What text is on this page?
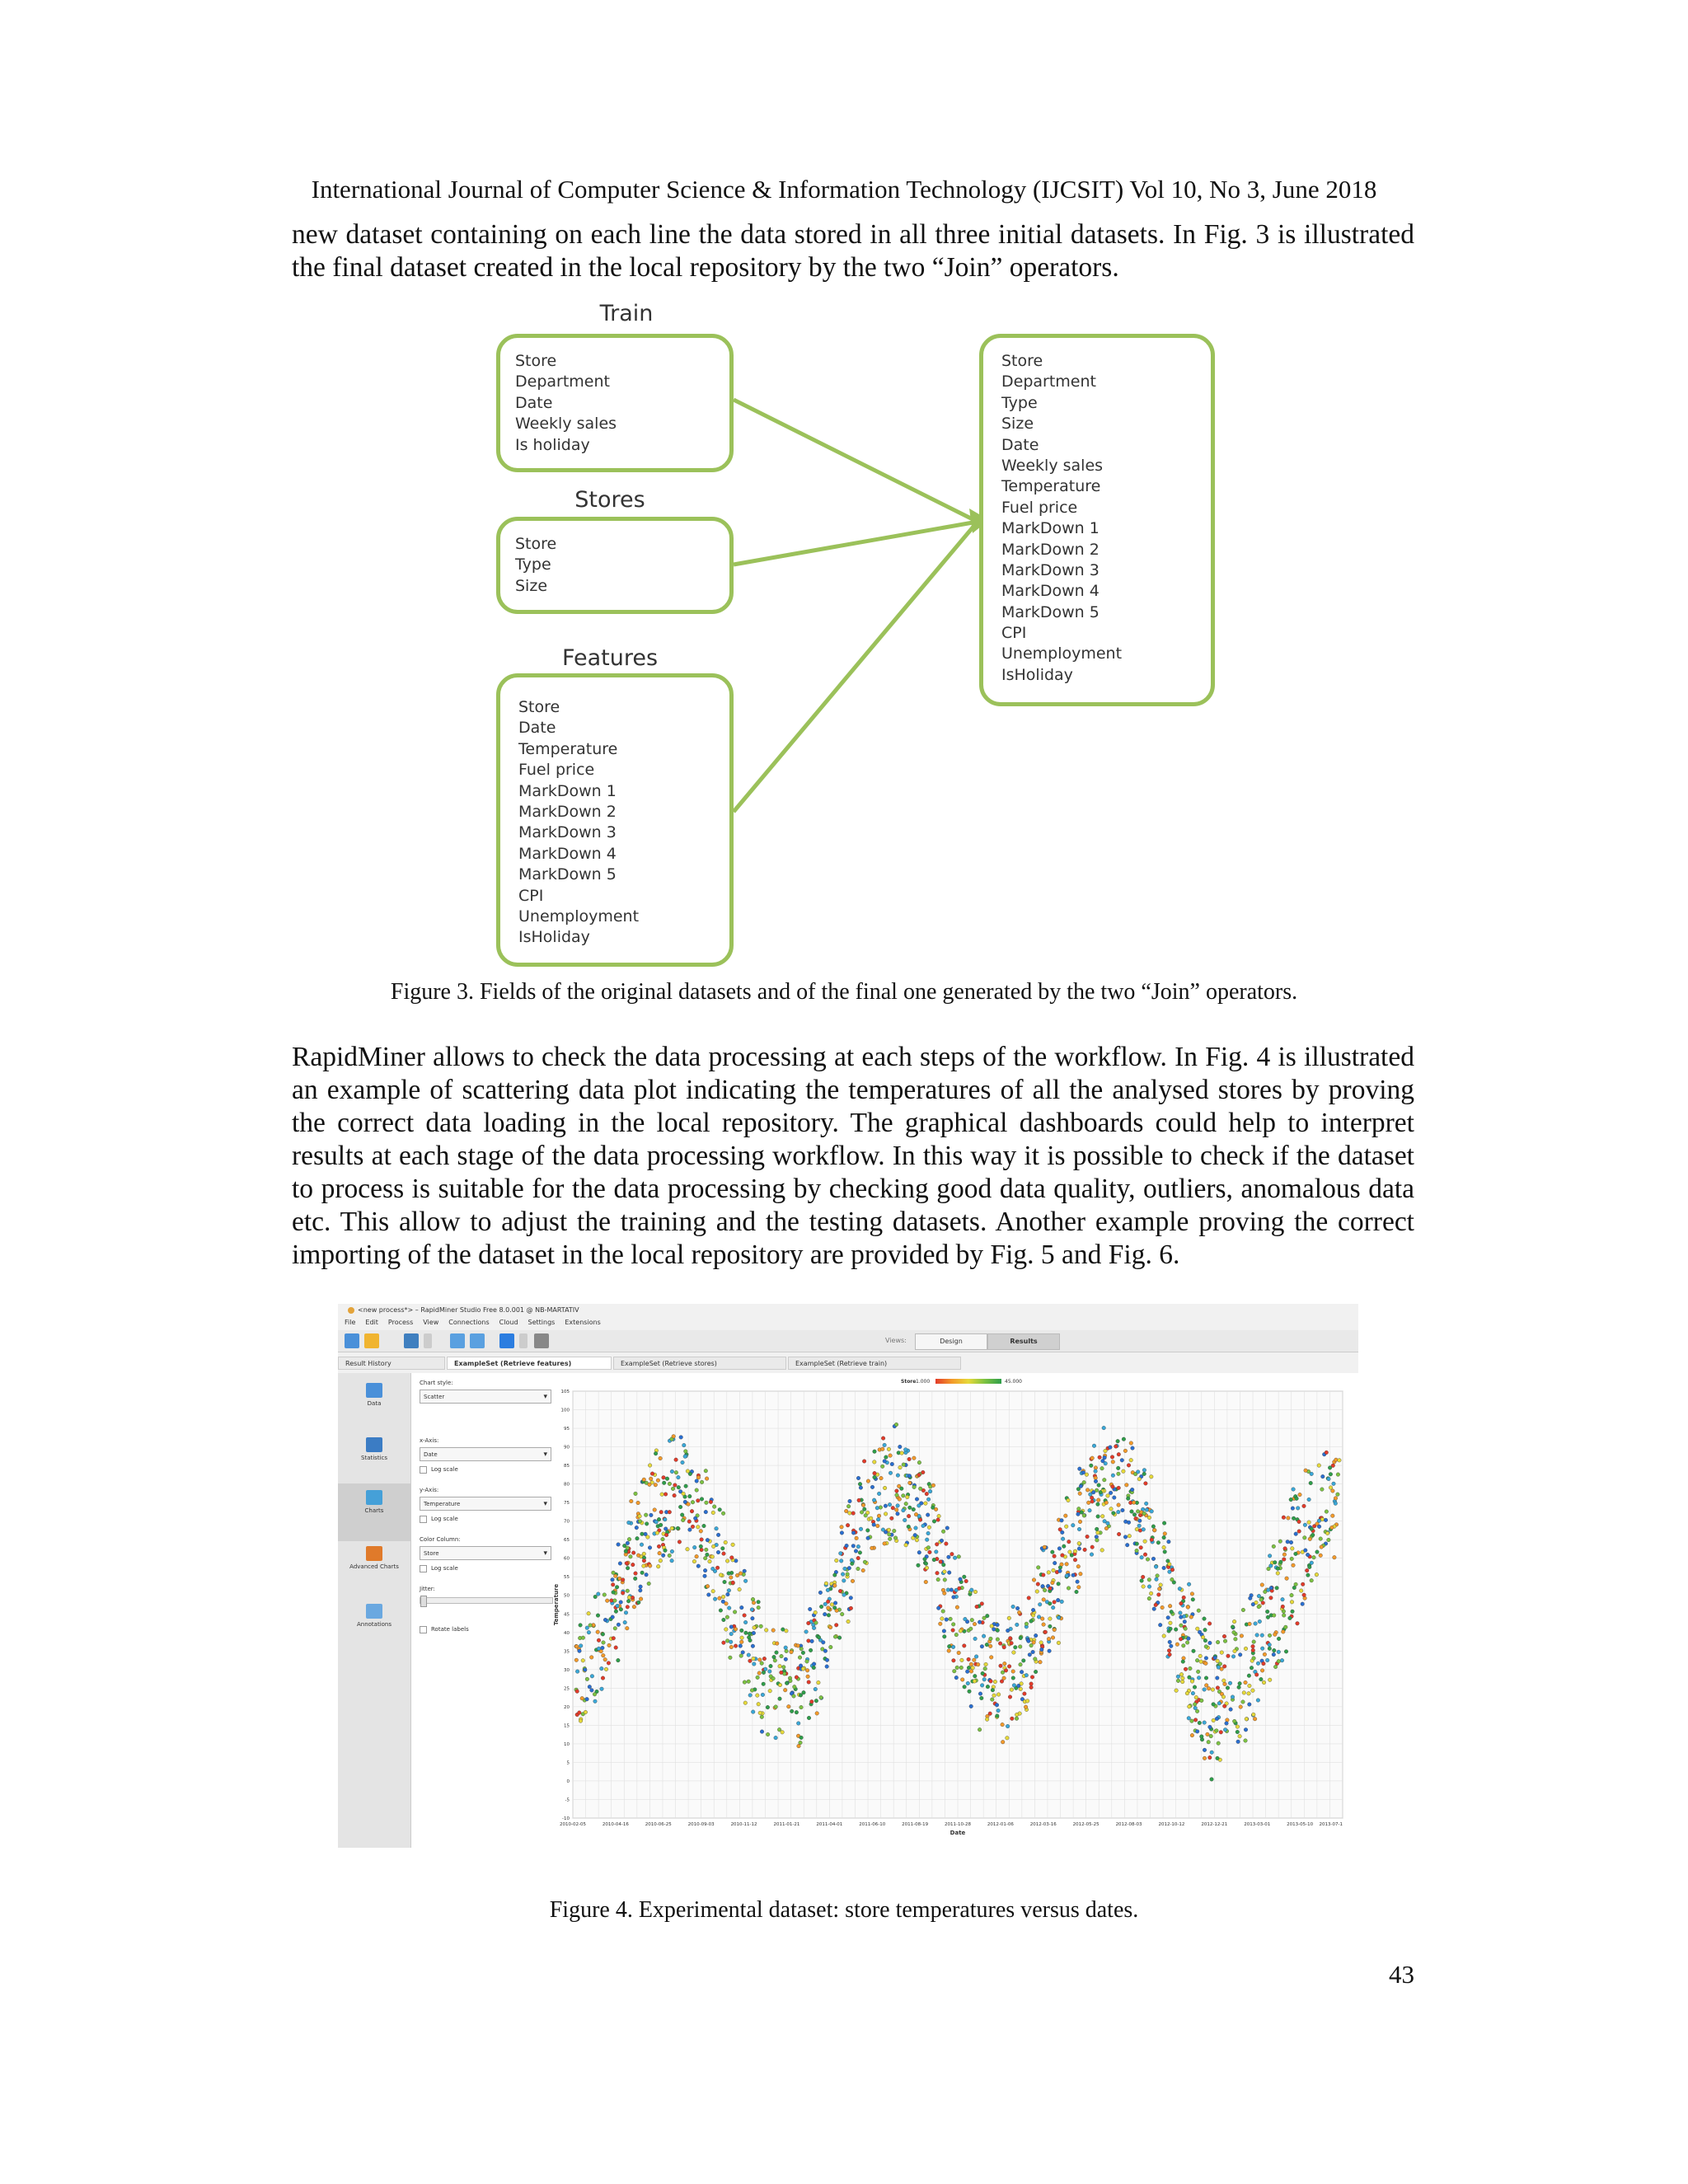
International Journal of Computer Science & Information Technology (IJCSIT) Vol 10, No 3, June 2018

new dataset containing on each line the data stored in all three initial datasets. In Fig. 3 is illustrated the final dataset created in the local repository by the two “Join” operators.

Train
Store
Department
Date
Weekly sales
Is holiday
Stores
Store
Type
Size
Features
Store
Date
Temperature
Fuel price
MarkDown 1
MarkDown 2
MarkDown 3
MarkDown 4
MarkDown 5
CPI
Unemployment
IsHoliday
Store
Department
Type
Size
Date
Weekly sales
Temperature
Fuel price
MarkDown 1
MarkDown 2
MarkDown 3
MarkDown 4
MarkDown 5
CPI
Unemployment
IsHoliday
Figure 3. Fields of the original datasets and of the final one generated by the two “Join” operators.

RapidMiner allows to check the data processing at each steps of the workflow. In Fig. 4 is illustrated an example of scattering data plot indicating the temperatures of all the analysed stores by proving the correct data loading in the local repository. The graphical dashboards could help to interpret results at each stage of the data processing workflow. In this way it is possible to check if the dataset to process is suitable for the data processing by checking good data quality, outliers, anomalous data etc. This allow to adjust the training and the testing datasets. Another example proving the correct importing of the dataset in the local repository are provided by Fig. 5 and Fig. 6.

<new process*> – RapidMiner Studio Free 8.0.001 @ NB-MARTATIV
File Edit Process View Connections Cloud Settings Extensions
Views:	Design	Results
Result History	ExampleSet (Retrieve features)	ExampleSet (Retrieve stores)	ExampleSet (Retrieve train)
Data
Statistics
Charts
Advanced Charts
Annotations
Chart style:
Scatter ▾
x-Axis:
Date ▾
Log scale
y-Axis:
Temperature ▾
Log scale
Color Column:
Store ▾
Log scale
Jitter:
Rotate labels
-10
-5
0
5
10
15
20
25
30
35
40
45
50
55
60
65
70
75
80
85
90
95
100
105
2010-02-05	2010-04-16	2010-06-25	2010-09-03	2010-11-12	2011-01-21	2011-04-01	2011-06-10	2011-08-19	2011-10-28	2012-01-06	2012-03-16	2012-05-25	2012-08-03	2012-10-12	2012-12-21	2013-03-01	2013-05-10 2013-07-1
Date
Temperature
Store 1.000	45.000
Figure 4. Experimental dataset: store temperatures versus dates.
43
